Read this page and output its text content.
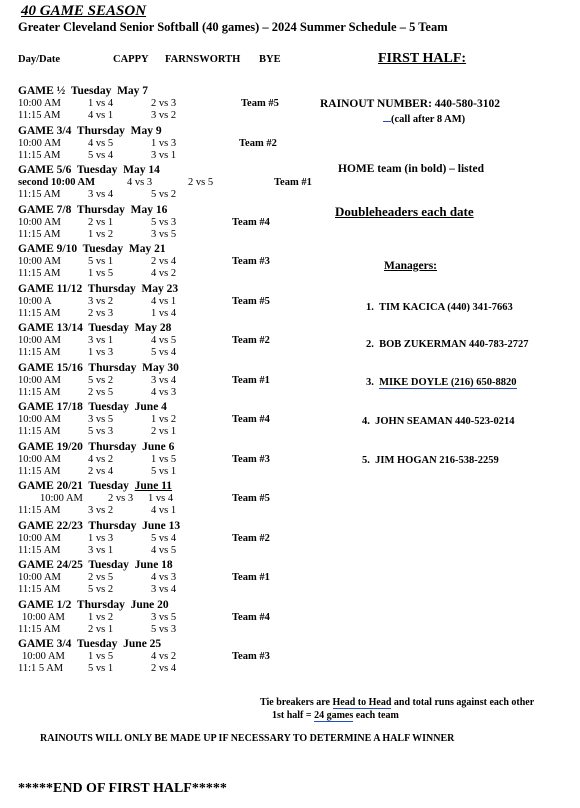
40 GAME SEASON
Greater Cleveland Senior Softball (40 games) – 2024 Summer Schedule – 5 Team
Day/Date	CAPPY FARNSWORTH BYE	FIRST HALF:
GAME ½ Tuesday May 7
10:00 AM	1 vs 4	2 vs 3	Team #5
11:15 AM	4 vs 1	3 vs 2
GAME 3/4 Thursday May 9
10:00 AM	4 vs 5	1 vs 3	Team #2
11:15 AM	5 vs 4	3 vs 1
GAME 5/6 Tuesday May 14
second 10:00 AM	4 vs 3	2 vs 5	Team #1
11:15 AM	3 vs 4	5 vs 2
GAME 7/8 Thursday May 16
10:00 AM	2 vs 1	5 vs 3	Team #4
11:15 AM	1 vs 2	3 vs 5
GAME 9/10 Tuesday May 21
10:00 AM	5 vs 1	2 vs 4	Team #3
11:15 AM	1 vs 5	4 vs 2
GAME 11/12 Thursday May 23
10:00 A	3 vs 2	4 vs 1	Team #5
11:15 AM	2 vs 3	1 vs 4
GAME 13/14 Tuesday May 28
10:00 AM	3 vs 1	4 vs 5	Team #2
11:15 AM	1 vs 3	5 vs 4
GAME 15/16 Thursday May 30
10:00 AM	5 vs 2	3 vs 4	Team #1
11:15 AM	2 vs 5	4 vs 3
GAME 17/18 Tuesday June 4
10:00 AM	3 vs 5	1 vs 2	Team #4
11:15 AM	5 vs 3	2 vs 1
GAME 19/20 Thursday June 6
10:00 AM	4 vs 2	1 vs 5	Team #3
11:15 AM	2 vs 4	5 vs 1
GAME 20/21 Tuesday June 11
10:00 AM 2 vs 3 1 vs 4	Team #5
11:15 AM	3 vs 2	4 vs 1
GAME 22/23 Thursday June 13
10:00 AM	1 vs 3	5 vs 4	Team #2
11:15 AM	3 vs 1	4 vs 5
GAME 24/25 Tuesday June 18
10:00 AM	2 vs 5	4 vs 3	Team #1
11:15 AM	5 vs 2	3 vs 4
GAME 1/2 Thursday June 20
10:00 AM 1 vs 2	3 vs 5	Team #4
11:15 AM	2 vs 1	5 vs 3
GAME 3/4 Tuesday June 25
10:00 AM 1 vs 5	4 vs 2	Team #3
11:1 5 AM 5 vs 1	2 vs 4
RAINOUT NUMBER: 440-580-3102
(call after 8 AM)
HOME team (in bold) – listed
Doubleheaders each date
Managers:
1. TIM KACICA (440) 341-7663
2. BOB ZUKERMAN 440-783-2727
3. MIKE DOYLE (216) 650-8820
4. JOHN SEAMAN 440-523-0214
5. JIM HOGAN 216-538-2259
Tie breakers are Head to Head and total runs against each other
1st half = 24 games each team
RAINOUTS WILL ONLY BE MADE UP IF NECESSARY TO DETERMINE A HALF WINNER
*****END OF FIRST HALF*****
